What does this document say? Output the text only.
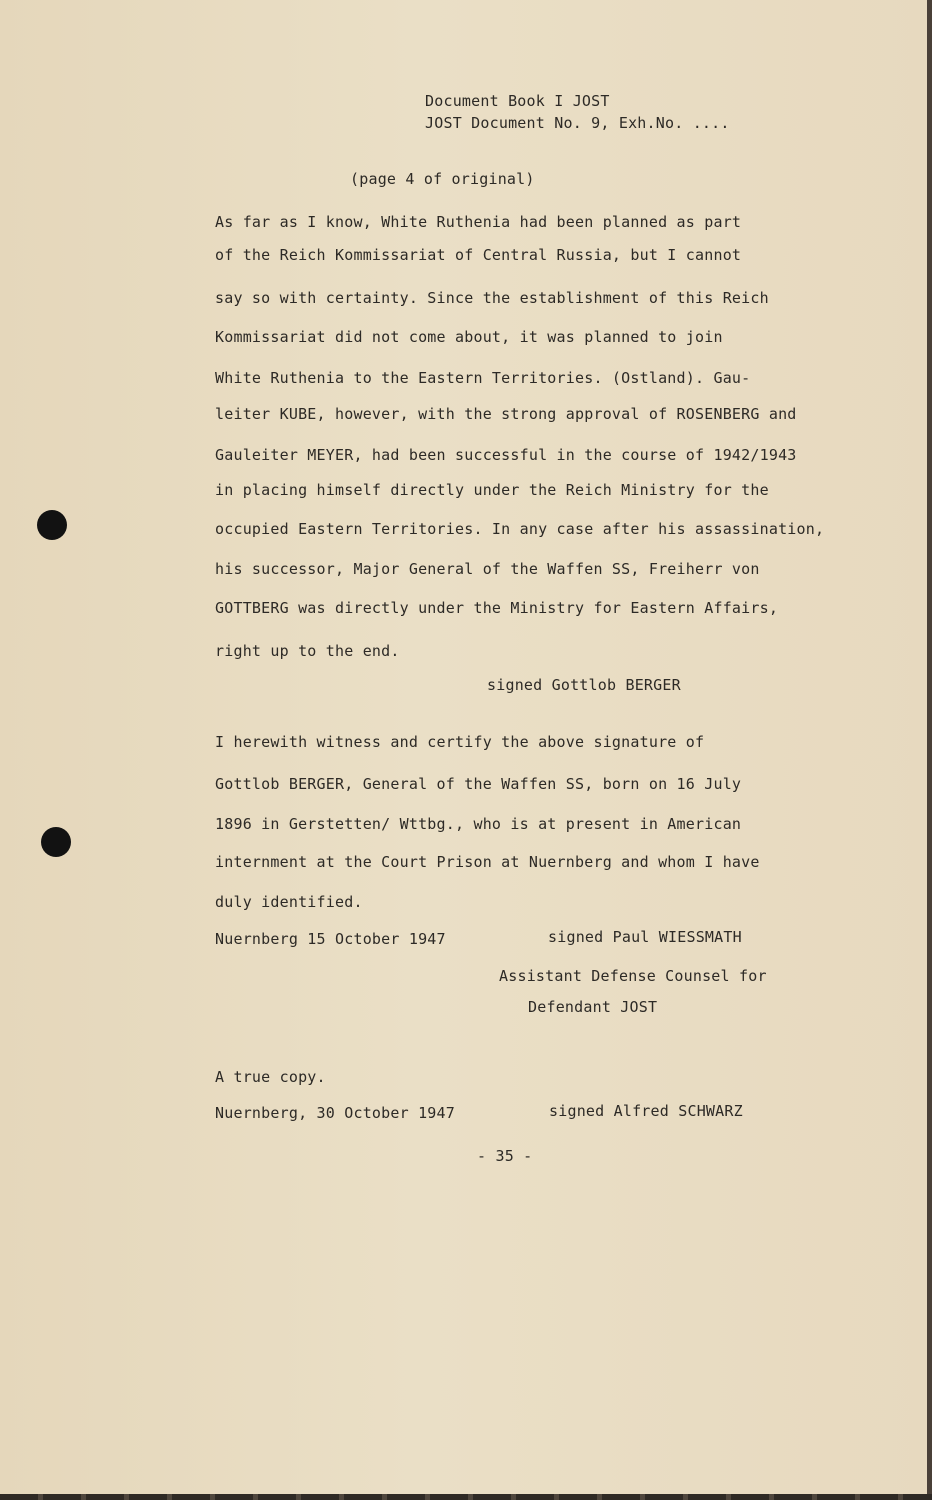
Document Book I JOST
JOST Document No. 9, Exh.No. ....
(page 4 of original)
As far as I know, White Ruthenia had been planned as part
of the Reich Kommissariat of Central Russia, but I cannot
say so with certainty. Since the establishment of this Reich
Kommissariat did not come about, it was planned to join
White Ruthenia to the Eastern Territories. (Ostland). Gau-
leiter KUBE, however, with the strong approval of ROSENBERG and
Gauleiter MEYER, had been successful in the course of 1942/1943
in placing himself directly under the Reich Ministry for the
occupied Eastern Territories. In any case after his assassination,
his successor, Major General of the Waffen SS, Freiherr von
GOTTBERG was directly under the Ministry for Eastern Affairs,
right up to the end.
signed Gottlob BERGER
I herewith witness and certify the above signature of
Gottlob BERGER, General of the Waffen SS, born on 16 July
1896 in Gerstetten/ Wttbg., who is at present in American
internment at the Court Prison at Nuernberg and whom I have
duly identified.
Nuernberg 15 October 1947	signed Paul WIESSMATH
Assistant Defense Counsel for
Defendant JOST
A true copy.
Nuernberg, 30 October 1947	signed Alfred SCHWARZ
- 35 -
